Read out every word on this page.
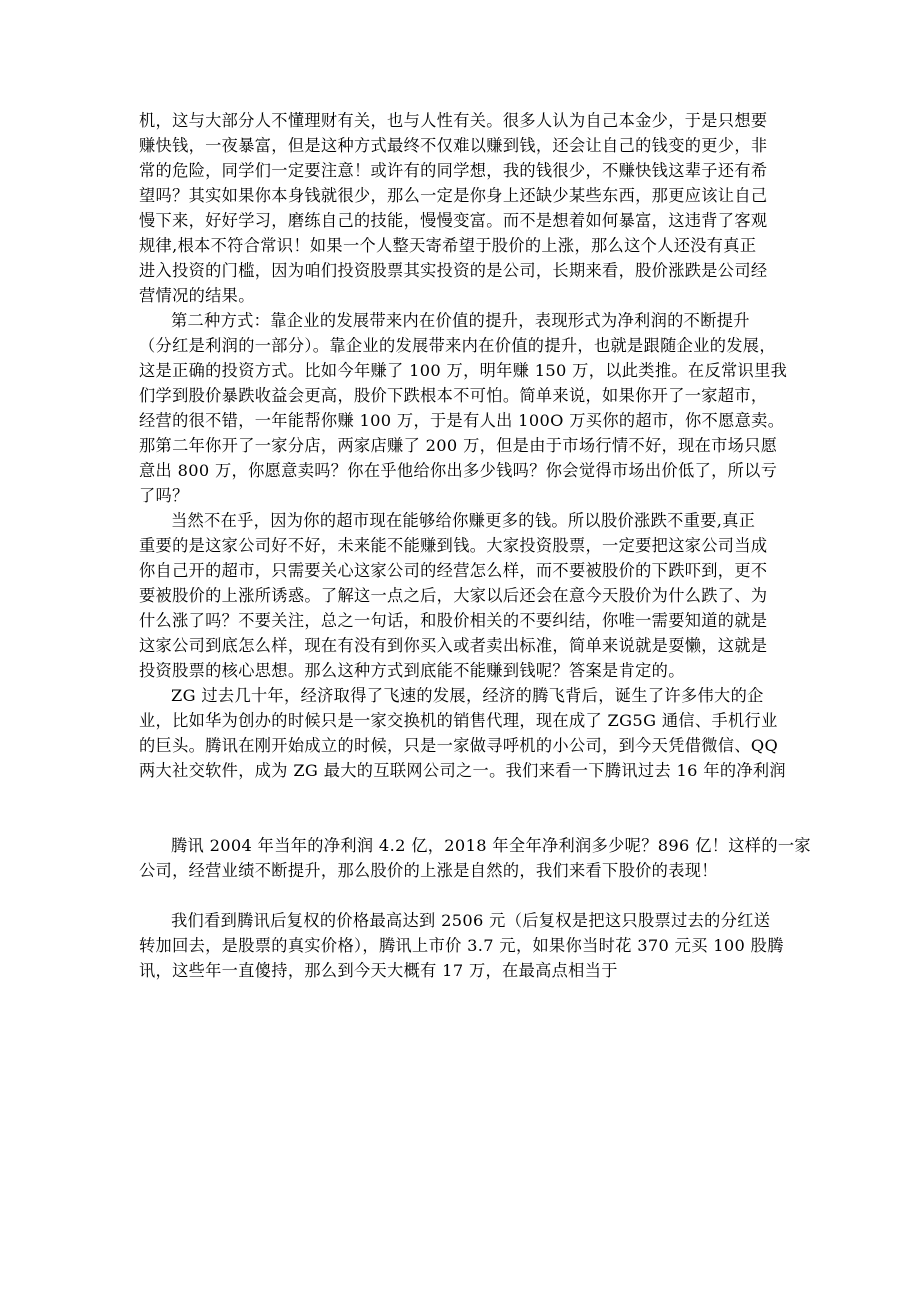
机，这与大部分人不懂理财有关，也与人性有关。很多人认为自己本金少，于是只想要
赚快钱，一夜暴富，但是这种方式最终不仅难以赚到钱，还会让自己的钱变的更少，非
常的危险，同学们一定要注意！或许有的同学想，我的钱很少，不赚快钱这辈子还有希
望吗？其实如果你本身钱就很少，那么一定是你身上还缺少某些东西，那更应该让自己
慢下来，好好学习，磨练自己的技能，慢慢变富。而不是想着如何暴富，这违背了客观
规律,根本不符合常识！如果一个人整天寄希望于股价的上涨，那么这个人还没有真正
进入投资的门槛，因为咱们投资股票其实投资的是公司，长期来看，股价涨跌是公司经
营情况的结果。
第二种方式：靠企业的发展带来内在价值的提升，表现形式为净利润的不断提升
（分红是利润的一部分）。靠企业的发展带来内在价值的提升，也就是跟随企业的发展，
这是正确的投资方式。比如今年赚了 100 万，明年赚 150 万，以此类推。在反常识里我
们学到股价暴跌收益会更高，股价下跌根本不可怕。简单来说，如果你开了一家超市，
经营的很不错，一年能帮你赚 100 万，于是有人出 100O 万买你的超市，你不愿意卖。
那第二年你开了一家分店，两家店赚了 200 万，但是由于市场行情不好，现在市场只愿
意出 800 万，你愿意卖吗？你在乎他给你出多少钱吗？你会觉得市场出价低了，所以亏
了吗？
当然不在乎，因为你的超市现在能够给你赚更多的钱。所以股价涨跌不重要,真正
重要的是这家公司好不好，未来能不能赚到钱。大家投资股票，一定要把这家公司当成
你自己开的超市，只需要关心这家公司的经营怎么样，而不要被股价的下跌吓到，更不
要被股价的上涨所诱惑。了解这一点之后，大家以后还会在意今天股价为什么跌了、为
什么涨了吗？不要关注，总之一句话，和股价相关的不要纠结，你唯一需要知道的就是
这家公司到底怎么样，现在有没有到你买入或者卖出标准，简单来说就是耍懒，这就是
投资股票的核心思想。那么这种方式到底能不能赚到钱呢？答案是肯定的。
ZG 过去几十年，经济取得了飞速的发展，经济的腾飞背后，诞生了许多伟大的企
业，比如华为创办的时候只是一家交换机的销售代理，现在成了 ZG5G 通信、手机行业
的巨头。腾讯在刚开始成立的时候，只是一家做寻呼机的小公司，到今天凭借微信、QQ
两大社交软件，成为 ZG 最大的互联网公司之一。我们来看一下腾讯过去 16 年的净利润
腾讯 2004 年当年的净利润 4.2 亿，2018 年全年净利润多少呢？896 亿！这样的一家
公司，经营业绩不断提升，那么股价的上涨是自然的，我们来看下股价的表现！
我们看到腾讯后复权的价格最高达到 2506 元（后复权是把这只股票过去的分红送
转加回去，是股票的真实价格），腾讯上市价 3.7 元，如果你当时花 370 元买 100 股腾
讯，这些年一直傻持，那么到今天大概有 17 万，在最高点相当于
